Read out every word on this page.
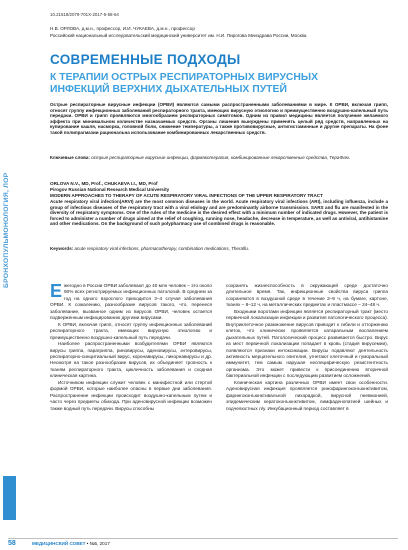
БРОНХОПУЛЬМОНОЛОГИЯ, ЛОР
10.21518/2079-701X-2017-5-58-64
Н.В. ОРЛОВА, д.м.н., профессор, И.И. ЧУКАЕВА, д.м.н., профессор
Российский национальный исследовательский медицинский университет им. Н.И. Пирогова Минздрава России, Москва
СОВРЕМЕННЫЕ ПОДХОДЫ
К ТЕРАПИИ ОСТРЫХ РЕСПИРАТОРНЫХ ВИРУСНЫХ ИНФЕКЦИЙ ВЕРХНИХ ДЫХАТЕЛЬНЫХ ПУТЕЙ
Острые респираторные вирусные инфекции (ОРВИ) являются самыми распространенными заболеваниями в мире. К ОРВИ, включая грипп, относят группу инфекционных заболеваний респираторного тракта, имеющих вирусную этиологию и преимущественно воздушно-капельный путь передачи. ОРВИ и грипп проявляются многообразием респираторных симптомов. Одним из правил медицины является получение желаемого эффекта при минимальном количестве назначаемых средств. Органы лишения вынуждены применять целый ряд средств, направленных на купирование кашля, насморка, головной боли, снижение температуры, а также противовирусные, антигистаминные и другие препараты. На фоне такой полипрагмазии рациональна использование комбинированных лекарственных средств.
Ключевые слова: острые респираторные вирусные инфекции, фармакотерапия, комбинированные лекарственные средства, ТераФлю.
ORLOVA N.V., MD, Prof., CHUKAEVA I.I., MD, Prof
Pirogov Russian National Research Medical University
MODERN APPROACHES TO THERAPY OF ACUTE RESPIRATORY VIRAL INFECTIONS OF THE UPPER RESPIRATORY TRACT
Acute respiratory viral infection(ARVI) are the most common diseases in the world. Acute respiratory viral infections (ARI), including influenza, include a group of infectious diseases of the respiratory tract with a viral etiology and are predominantly airborne transmission. SARS and flu are manifested in the diversity of respiratory symptoms. One of the rules of the medicine is the desired effect with a minimum number of indicated drugs. However, the patient is forced to administer a number of drugs aimed at the relief of coughing, running nose, headache, decrease in temperature, as well as antiviral, antihistamine and other medications. On the background of such polypharmacy use of combined drugs is reasonable.
Keywords: acute respiratory viral infections, pharmacotherapy, combination medications, Theraflu.

Ежегодно в России ОРВИ заболевают до 40 млн человек – это около 90% всех регистрируемых инфекционных патологий. В среднем за год на одного взрослого приходится 3–4 случая заболевания ОРВИ. К сожалению, разнообразие вирусов такого, что, перенеся заболевание, вызванное одним из вирусов ОРВИ, человек остается подверженным инфицированию другими вирусами.

К ОРВИ, включая грипп, относят группу инфекционных заболеваний респираторного тракта, имеющих вирусную этиологию и преимущественно воздушно-капельный путь передачи.

Наиболее распространенными возбудителями ОРВИ являются вирусы гриппа, парагриппа, риновирусы, аденовирусы, энтеровирусы, респираторно-синцитиальный вирус, коронавирусы, пикорнавирусы и др. Несмотря на такое разнообразие вирусов, их объединяет тропность к тканям респираторного тракта, цикличность заболевания и сходная клиническая картина.

Источником инфекции служит человек с манифестной или стертой формой ОРВИ, которые наиболее опасны в первые дни заболевания. Распространение инфекции происходит воздушно-капельным путем и часто через предметы обихода. При аденовирусной инфекции возможен также водный путь передачи. Вирусы способны

сохранять жизнеспособность в окружающей среде достаточно длительное время. Так, инфекционные свойства вируса гриппа сохраняются в воздушной среде в течение 2–9 ч, на бумаге, картоне, тканях – 8–12 ч, на металлических предметах и пластмассе – 24–48 ч.

Входными воротами инфекции является респираторный тракт (место первичной локализации инфекции и развития патологического процесса). Внутриклеточное размножение вирусов приводит к гибели и отторжению клеток, что клинически проявляется катаральным воспалением дыхательных путей. Патологический процесс развивается быстро. Вирус из мест первичной локализации попадает в кровь (стадия вирусемии), появляются признаки интоксикации. Вирусы подавляют деятельность активность мерцательного эпителия, угнетают клеточный и гуморальный иммунитет, тем самым нарушая неспецифическую резистентность организма. Это может привести к присоединению вторичной бактериальной инфекции с последующим развитием осложнений.

Клиническая картина различных ОРВИ имеет свои особенности. Аденовирусная инфекция проявляется ринофарингоконъюнктивитом, фарингоконъюнктивальной лихорадкой, вирусной пневмонией, эпидемическим кератоконъюнктивитом, лимфаденопатией шейных и подчелюстных л/у. Инкубационный период составляет в

58	МЕДИЦИНСКИЙ СОВЕТ • №5, 2017
